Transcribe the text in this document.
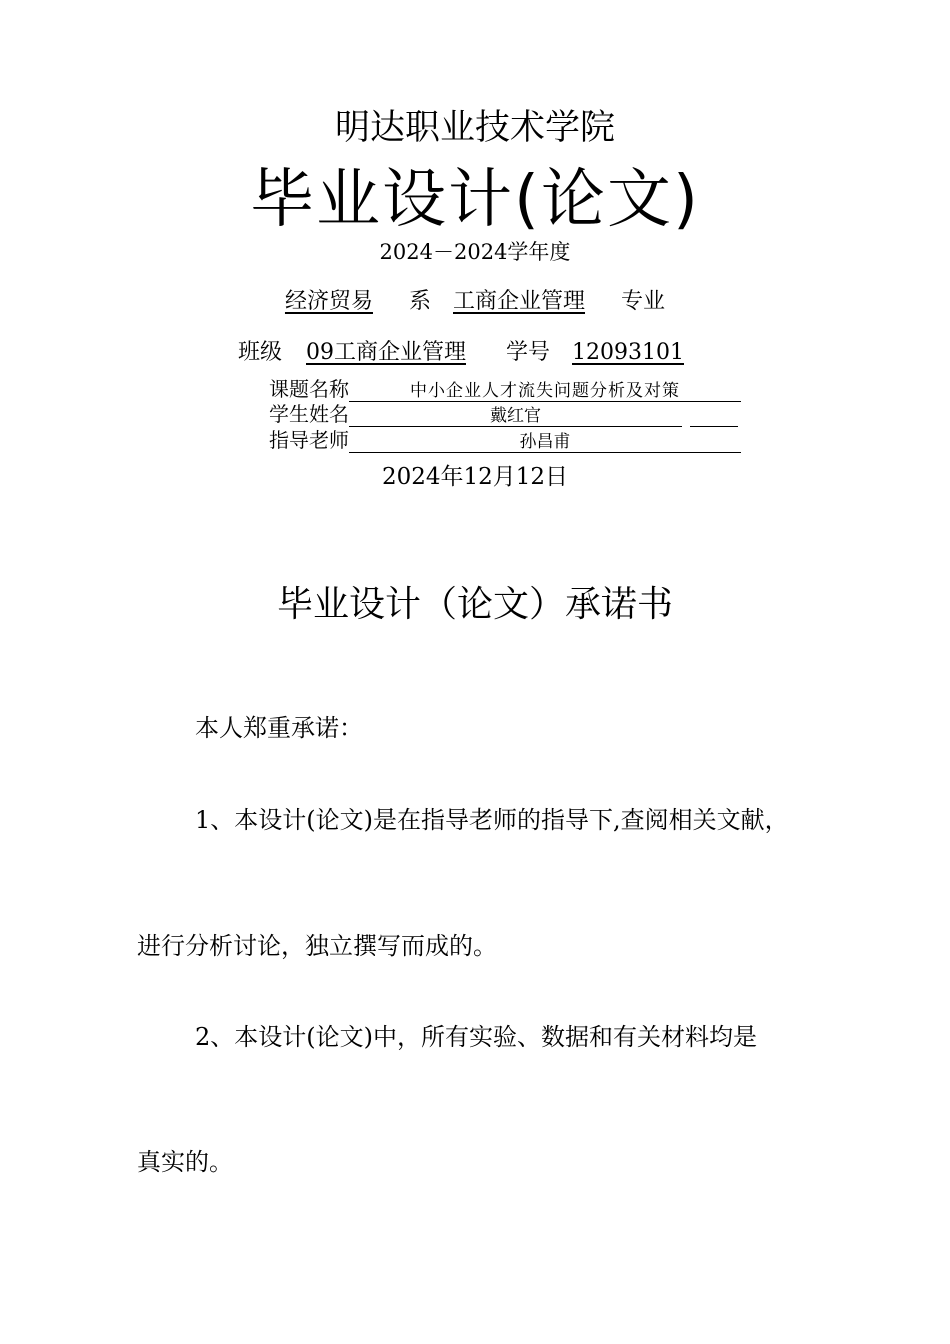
明达职业技术学院
毕业设计(论文)
2024－2024学年度
经济贸易 系 工商企业管理 专业
班级 09工商企业管理 学号 12093101
课题名称	中小企业人才流失问题分析及对策
学生姓名	戴红官
指导老师	孙昌甫
2024年12月12日
毕业设计（论文）承诺书
本人郑重承诺：
1、本设计(论文)是在指导老师的指导下,查阅相关文献，
进行分析讨论，独立撰写而成的。
2、本设计(论文)中，所有实验、数据和有关材料均是
真实的。
